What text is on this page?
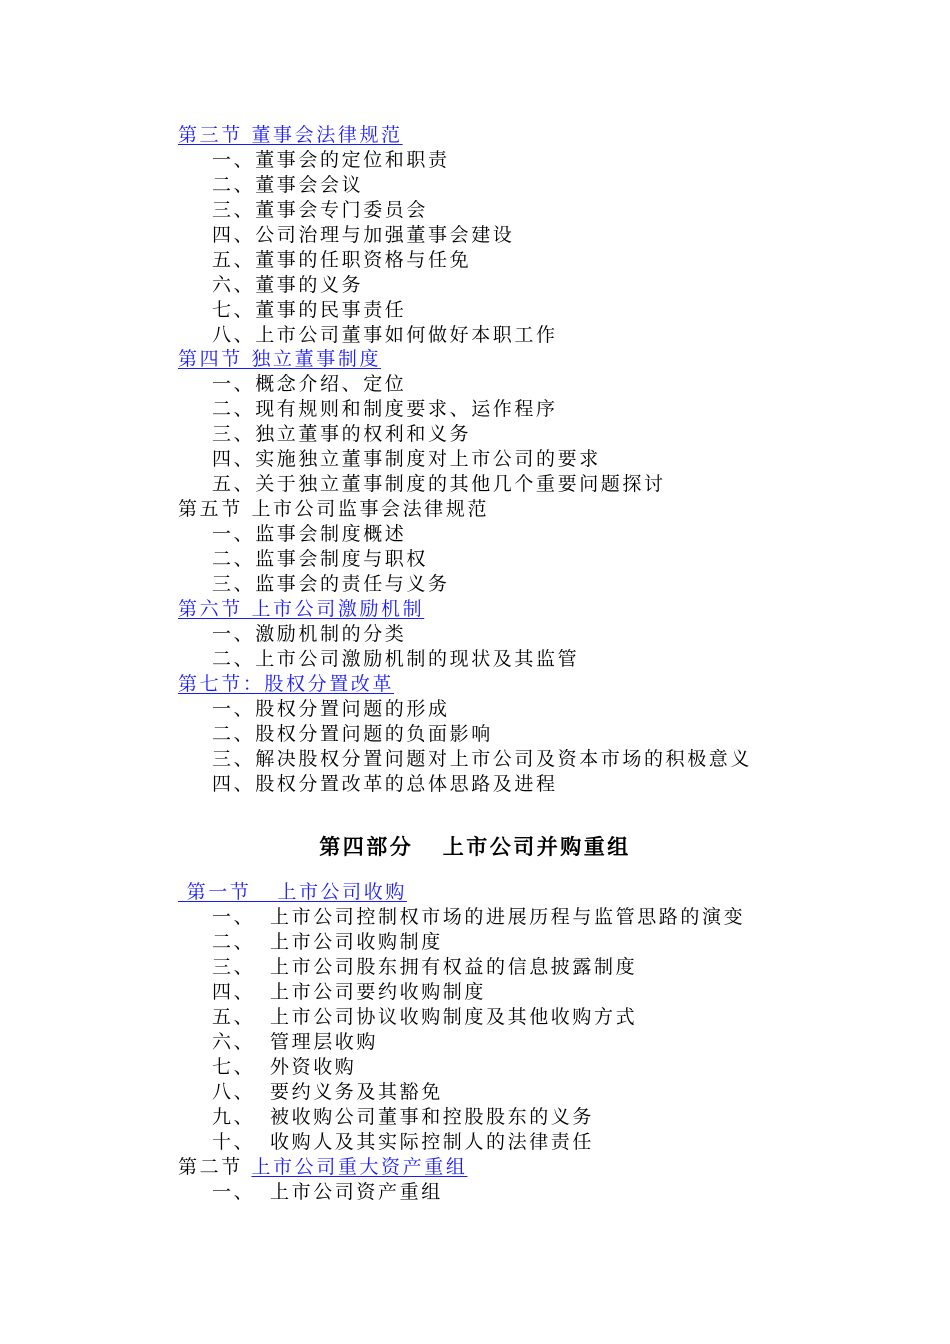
第三节 董事会法律规范
一、董事会的定位和职责
二、董事会会议
三、董事会专门委员会
四、公司治理与加强董事会建设
五、董事的任职资格与任免
六、董事的义务
七、董事的民事责任
八、上市公司董事如何做好本职工作
第四节 独立董事制度
一、概念介绍、定位
二、现有规则和制度要求、运作程序
三、独立董事的权利和义务
四、实施独立董事制度对上市公司的要求
五、关于独立董事制度的其他几个重要问题探讨
第五节 上市公司监事会法律规范
一、监事会制度概述
二、监事会制度与职权
三、监事会的责任与义务
第六节 上市公司激励机制
一、激励机制的分类
二、上市公司激励机制的现状及其监管
第七节：股权分置改革
一、股权分置问题的形成
二、股权分置问题的负面影响
三、解决股权分置问题对上市公司及资本市场的积极意义
四、股权分置改革的总体思路及进程
第四部分   上市公司并购重组
第一节   上市公司收购
一、 上市公司控制权市场的进展历程与监管思路的演变
二、 上市公司收购制度
三、 上市公司股东拥有权益的信息披露制度
四、 上市公司要约收购制度
五、 上市公司协议收购制度及其他收购方式
六、 管理层收购
七、 外资收购
八、 要约义务及其豁免
九、 被收购公司董事和控股股东的义务
十、 收购人及其实际控制人的法律责任
第二节 上市公司重大资产重组
一、 上市公司资产重组
